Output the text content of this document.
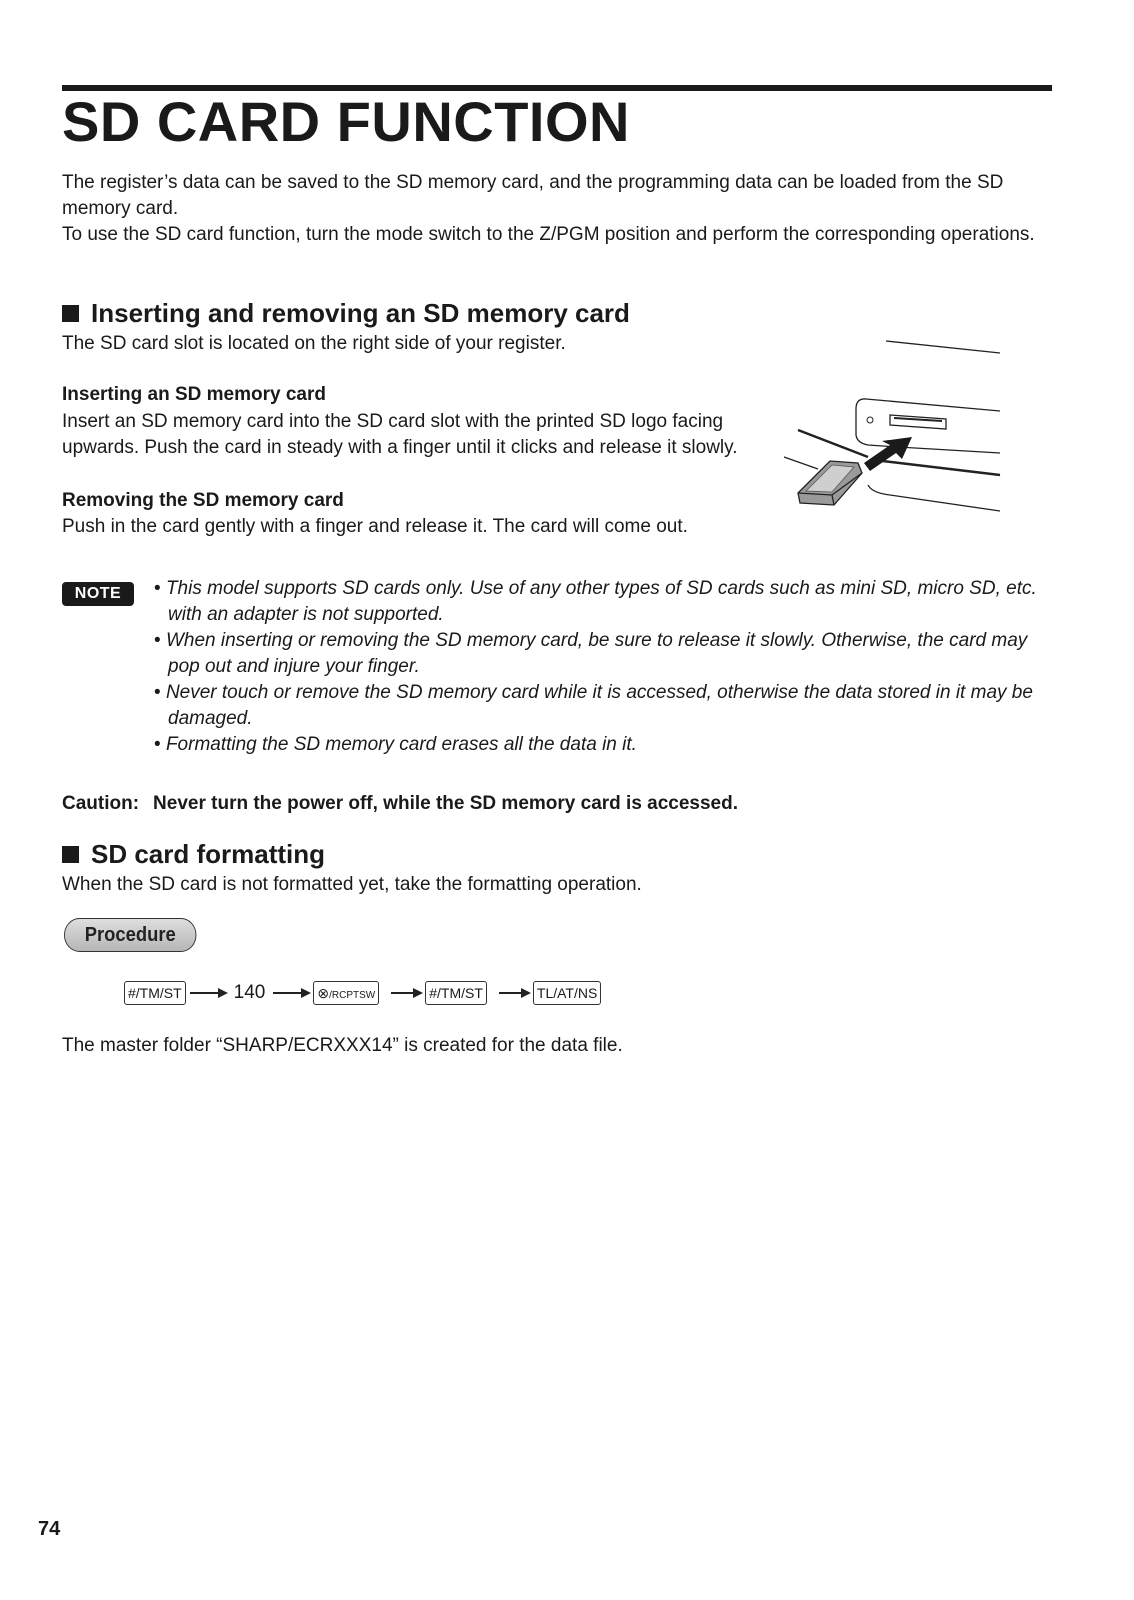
SD CARD FUNCTION

The register’s data can be saved to the SD memory card, and the programming data can be loaded from the SD memory card.

To use the SD card function, turn the mode switch to the Z/PGM position and perform the corresponding operations.

Inserting and removing an SD memory card

The SD card slot is located on the right side of your register.

Inserting an SD memory card

Insert an SD memory card into the SD card slot with the printed SD logo facing

upwards. Push the card in steady with a finger until it clicks and release it slowly.

Removing the SD memory card

Push in the card gently with a finger and release it. The card will come out.

NOTE
•	This model supports SD cards only. Use of any other types of SD cards such as mini SD, micro SD, etc. with an adapter is not supported.
• When inserting or removing the SD memory card, be sure to release it slowly. Otherwise, the card may pop out and injure your finger.
• Never touch or remove the SD memory card while it is accessed, otherwise the data stored in it may be damaged.
• Formatting the SD memory card erases all the data in it.

Caution: Never turn the power off, while the SD memory card is accessed.

SD card formatting

When the SD card is not formatted yet, take the formatting operation.

Procedure
#/TM/ST	140	⊗/RCPTSW	#/TM/ST	TL/AT/NS

The master folder “SHARP/ECRXXX14” is created for the data file.

74
